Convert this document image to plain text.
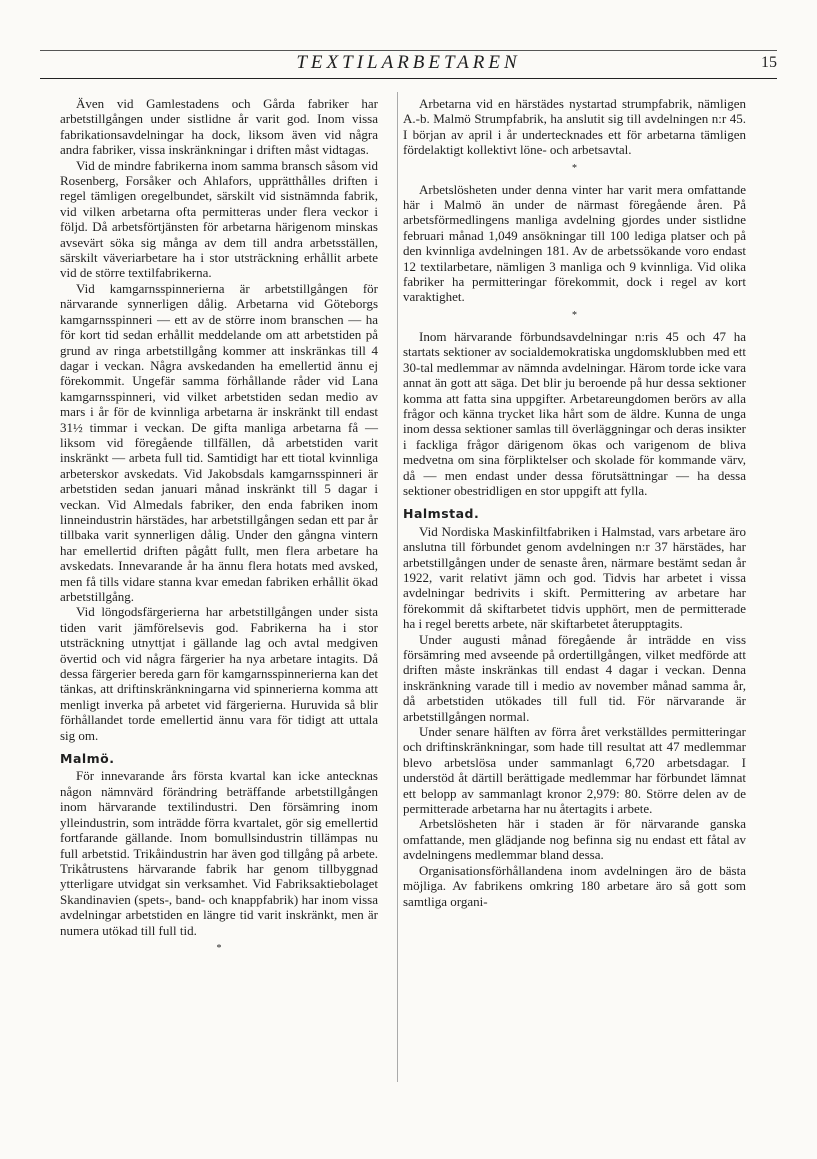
TEXTILARBETAREN	15

Även vid Gamlestadens och Gårda fabriker har arbetstillgången under sistlidne år varit god. Inom vissa fabrikationsavdelningar ha dock, liksom även vid några andra fabriker, vissa inskränkningar i driften måst vidtagas.

Vid de mindre fabrikerna inom samma bransch såsom vid Rosenberg, Forsåker och Ahlafors, upprätthålles driften i regel tämligen oregelbundet, särskilt vid sistnämnda fabrik, vid vilken arbetarna ofta permitteras under flera veckor i följd. Då arbetsförtjänsten för arbetarna härigenom minskas avsevärt söka sig många av dem till andra arbetsställen, särskilt väveriarbetare ha i stor utsträckning erhållit arbete vid de större textilfabrikerna.

Vid kamgarnsspinnerierna är arbetstillgången för närvarande synnerligen dålig. Arbetarna vid Göteborgs kamgarnsspinneri — ett av de större inom branschen — ha för kort tid sedan erhållit meddelande om att arbetstiden på grund av ringa arbetstillgång kommer att inskränkas till 4 dagar i veckan. Några avskedanden ha emellertid ännu ej förekommit. Ungefär samma förhållande råder vid Lana kamgarnsspinneri, vid vilket arbetstiden sedan medio av mars i år för de kvinnliga arbetarna är inskränkt till endast 31½ timmar i veckan. De gifta manliga arbetarna få — liksom vid föregående tillfällen, då arbetstiden varit inskränkt — arbeta full tid. Samtidigt har ett tiotal kvinnliga arbeterskor avskedats. Vid Jakobsdals kamgarnsspinneri är arbetstiden sedan januari månad inskränkt till 5 dagar i veckan. Vid Almedals fabriker, den enda fabriken inom linneindustrin härstädes, har arbetstillgången sedan ett par år tillbaka varit synnerligen dålig. Under den gångna vintern har emellertid driften pågått fullt, men flera arbetare ha avskedats. Innevarande år ha ännu flera hotats med avsked, men få tills vidare stanna kvar emedan fabriken erhållit ökad arbetstillgång.

Vid löngodsfärgerierna har arbetstillgången under sista tiden varit jämförelsevis god. Fabrikerna ha i stor utsträckning utnyttjat i gällande lag och avtal medgiven övertid och vid några färgerier ha nya arbetare intagits. Då dessa färgerier bereda garn för kamgarnsspinnerierna kan det tänkas, att driftinskränkningarna vid spinnerierna komma att menligt inverka på arbetet vid färgerierna. Huruvida så blir förhållandet torde emellertid ännu vara för tidigt att uttala sig om.

Malmö.

För innevarande års första kvartal kan icke antecknas någon nämnvärd förändring beträffande arbetstillgången inom härvarande textilindustri. Den försämring inom ylleindustrin, som inträdde förra kvartalet, gör sig emellertid fortfarande gällande. Inom bomullsindustrin tillämpas nu full arbetstid. Trikåindustrin har även god tillgång på arbete. Trikåtrustens härvarande fabrik har genom tillbyggnad ytterligare utvidgat sin verksamhet. Vid Fabriksaktiebolaget Skandinavien (spets-, band- och knappfabrik) har inom vissa avdelningar arbetstiden en längre tid varit inskränkt, men är numera utökad till full tid.

*

Arbetarna vid en härstädes nystartad strumpfabrik, nämligen A.-b. Malmö Strumpfabrik, ha anslutit sig till avdelningen n:r 45. I början av april i år undertecknades ett för arbetarna tämligen fördelaktigt kollektivt löne- och arbetsavtal.

*

Arbetslösheten under denna vinter har varit mera omfattande här i Malmö än under de närmast föregående åren. På arbetsförmedlingens manliga avdelning gjordes under sistlidne februari månad 1,049 ansökningar till 100 lediga platser och på den kvinnliga avdelningen 181. Av de arbetssökande voro endast 12 textilarbetare, nämligen 3 manliga och 9 kvinnliga. Vid olika fabriker ha permitteringar förekommit, dock i regel av kort varaktighet.

*

Inom härvarande förbundsavdelningar n:ris 45 och 47 ha startats sektioner av socialdemokratiska ungdomsklubben med ett 30-tal medlemmar av nämnda avdelningar. Härom torde icke vara annat än gott att säga. Det blir ju beroende på hur dessa sektioner komma att fatta sina uppgifter. Arbetareungdomen berörs av alla frågor och känna trycket lika hårt som de äldre. Kunna de unga inom dessa sektioner samlas till överläggningar och deras insikter i fackliga frågor därigenom ökas och varigenom de bliva medvetna om sina förpliktelser och skolade för kommande värv, då — men endast under dessa förutsättningar — ha dessa sektioner obestridligen en stor uppgift att fylla.

Halmstad.

Vid Nordiska Maskinfiltfabriken i Halmstad, vars arbetare äro anslutna till förbundet genom avdelningen n:r 37 härstädes, har arbetstillgången under de senaste åren, närmare bestämt sedan år 1922, varit relativt jämn och god. Tidvis har arbetet i vissa avdelningar bedrivits i skift. Permittering av arbetare har förekommit då skiftarbetet tidvis upphört, men de permitterade ha i regel beretts arbete, när skiftarbetet återupptagits.

Under augusti månad föregående år inträdde en viss försämring med avseende på ordertillgången, vilket medförde att driften måste inskränkas till endast 4 dagar i veckan. Denna inskränkning varade till i medio av november månad samma år, då arbetstiden utökades till full tid. För närvarande är arbetstillgången normal.

Under senare hälften av förra året verkställdes permitteringar och driftinskränkningar, som hade till resultat att 47 medlemmar blevo arbetslösa under sammanlagt 6,720 arbetsdagar. I understöd åt därtill berättigade medlemmar har förbundet lämnat ett belopp av sammanlagt kronor 2,979: 80. Större delen av de permitterade arbetarna har nu återtagits i arbete.

Arbetslösheten här i staden är för närvarande ganska omfattande, men glädjande nog befinna sig nu endast ett fåtal av avdelningens medlemmar bland dessa.

Organisationsförhållandena inom avdelningen äro de bästa möjliga. Av fabrikens omkring 180 arbetare äro så gott som samtliga organi-
